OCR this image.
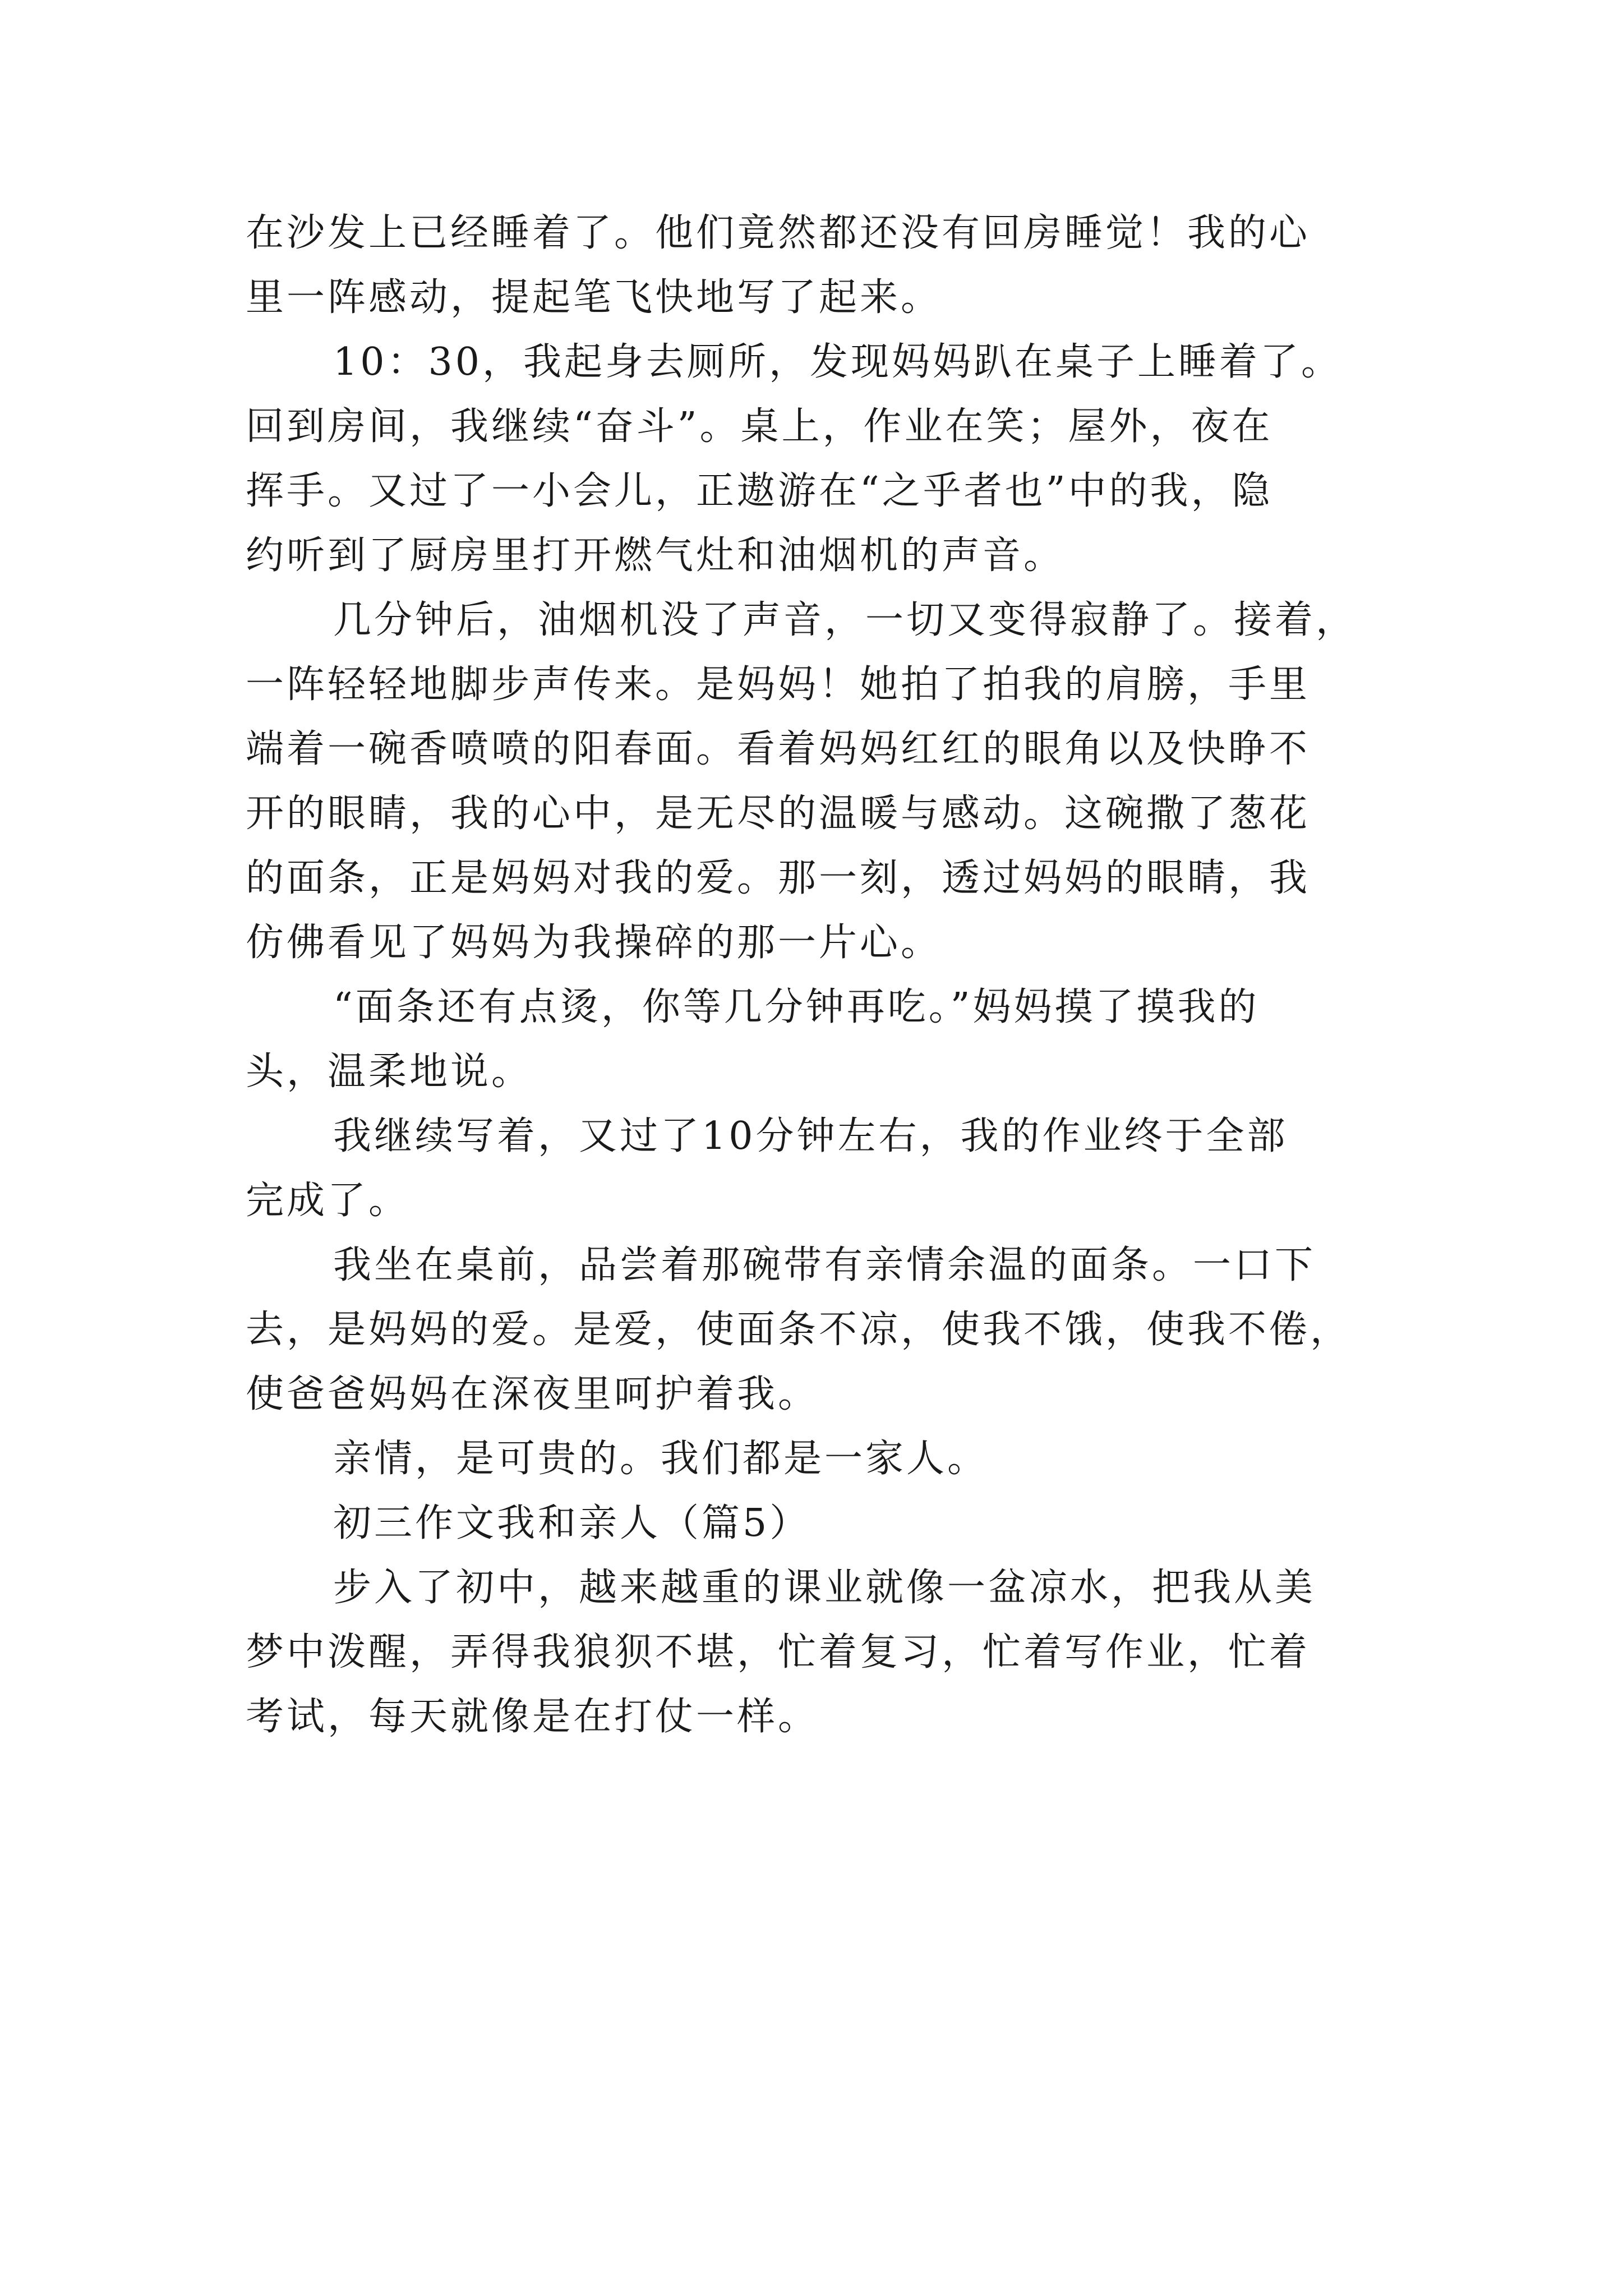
在沙发上已经睡着了。他们竟然都还没有回房睡觉！我的心
里一阵感动，提起笔飞快地写了起来。
10：30，我起身去厕所，发现妈妈趴在桌子上睡着了。
回到房间，我继续“奋斗”。桌上，作业在笑；屋外，夜在
挥手。又过了一小会儿，正遨游在“之乎者也”中的我，隐
约听到了厨房里打开燃气灶和油烟机的声音。
几分钟后，油烟机没了声音，一切又变得寂静了。接着，
一阵轻轻地脚步声传来。是妈妈！她拍了拍我的肩膀，手里
端着一碗香喷喷的阳春面。看着妈妈红红的眼角以及快睁不
开的眼睛，我的心中，是无尽的温暖与感动。这碗撒了葱花
的面条，正是妈妈对我的爱。那一刻，透过妈妈的眼睛，我
仿佛看见了妈妈为我操碎的那一片心。
“面条还有点烫，你等几分钟再吃。”妈妈摸了摸我的
头，温柔地说。
我继续写着，又过了10分钟左右，我的作业终于全部
完成了。
我坐在桌前，品尝着那碗带有亲情余温的面条。一口下
去，是妈妈的爱。是爱，使面条不凉，使我不饿，使我不倦，
使爸爸妈妈在深夜里呵护着我。
亲情，是可贵的。我们都是一家人。
初三作文我和亲人（篇5）
步入了初中，越来越重的课业就像一盆凉水，把我从美
梦中泼醒，弄得我狼狈不堪，忙着复习，忙着写作业，忙着
考试，每天就像是在打仗一样。
